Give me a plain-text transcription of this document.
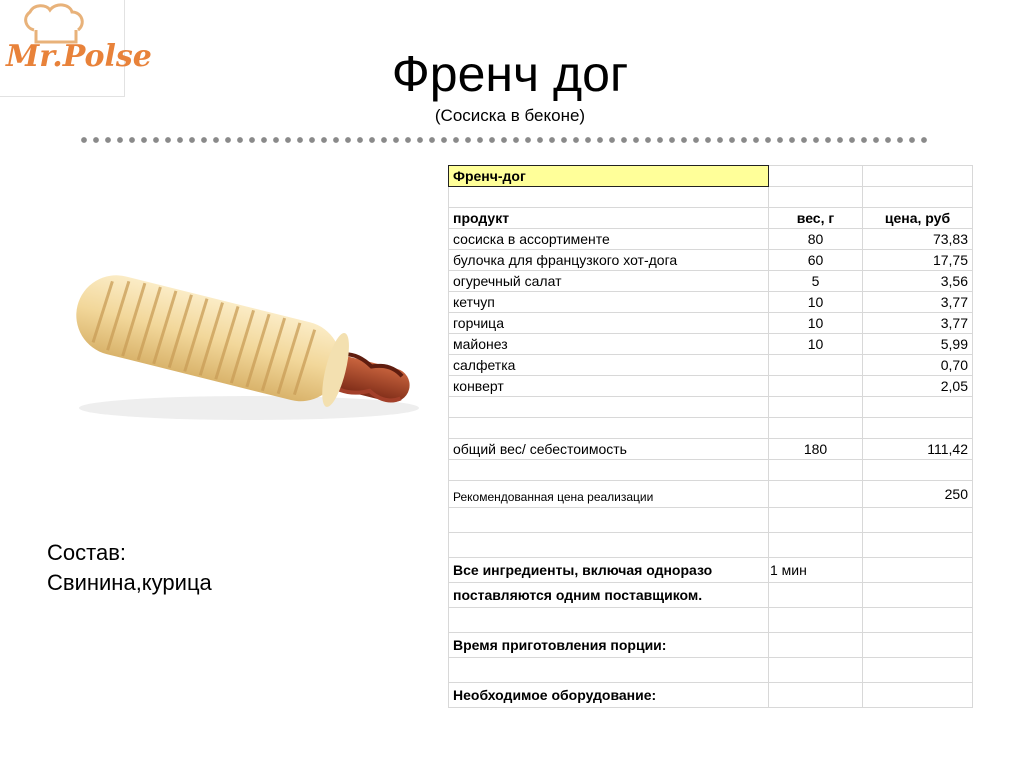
Mr.Polse	Френч дог
(Сосиска в беконе)
Состав:
Свинина,курица
Френч-дог		

продукт	вес, г	цена, руб
сосиска в ассортименте	80	73,83
булочка для французкого хот-дога	60	17,75
огуречный салат	5	3,56
кетчуп	10	3,77
горчица	10	3,77
майонез	10	5,99
салфетка		0,70
конверт		2,05

общий вес/ себестоимость	180	111,42

Рекомендованная цена реализации		250

Все ингредиенты, включая одноразо	1 мин	
поставляются одним поставщиком.		

Время приготовления порции:		

Необходимое оборудование:		
